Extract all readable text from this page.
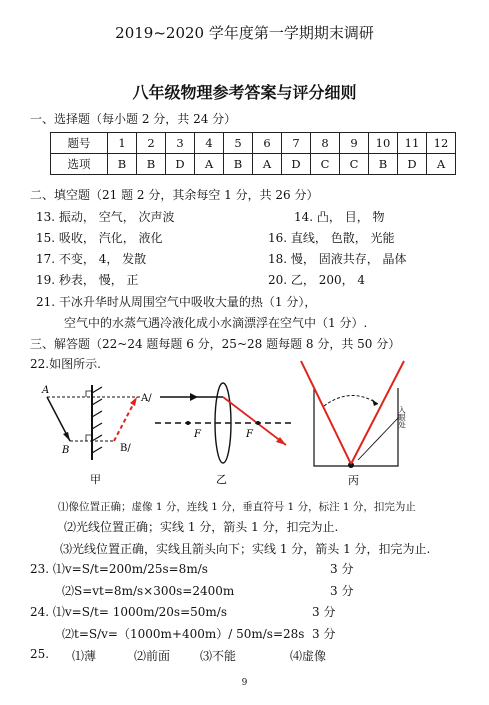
2019~2020 学年度第一学期期末调研
八年级物理参考答案与评分细则
一、选择题（每小题 2 分，共 24 分）
题号	1	2	3	4	5	6	7	8	9	10	11	12
选项	B	B	D	A	B	A	D	C	C	B	D	A
二、填空题（21 题 2 分，其余每空 1 分，共 26 分）
13. 振动， 空气， 次声波	14. 凸， 目， 物
15. 吸收， 汽化， 液化	16. 直线， 色散， 光能
17. 不变， 4， 发散	18. 慢， 固液共存， 晶体
19. 秒表， 慢， 正	20. 乙， 200， 4
21. 干冰升华时从周围空气中吸收大量的热（1 分），
空气中的水蒸气遇冷液化成小水滴漂浮在空气中（1 分）.
三、解答题（22~24 题每题 6 分，25~28 题每题 8 分，共 50 分）
22.如图所示.
A
A/
B	B/
甲
F	F
乙
入眼处
丙
⑴像位置正确；虚像 1 分，连线 1 分，垂直符号 1 分，标注 1 分，扣完为止
⑵光线位置正确；实线 1 分，箭头 1 分，扣完为止.
⑶光线位置正确，实线且箭头向下；实线 1 分，箭头 1 分，扣完为止.
23. ⑴v=S/t=200m/25s=8m/s	3 分
⑵S=vt=8m/s×300s=2400m	3 分
24. ⑴v=S/t= 1000m/20s=50m/s	3 分
⑵t=S/v=（1000m+400m）/ 50m/s=28s 3 分
25. ⑴薄	⑵前面 ⑶不能	⑷虚像
9
